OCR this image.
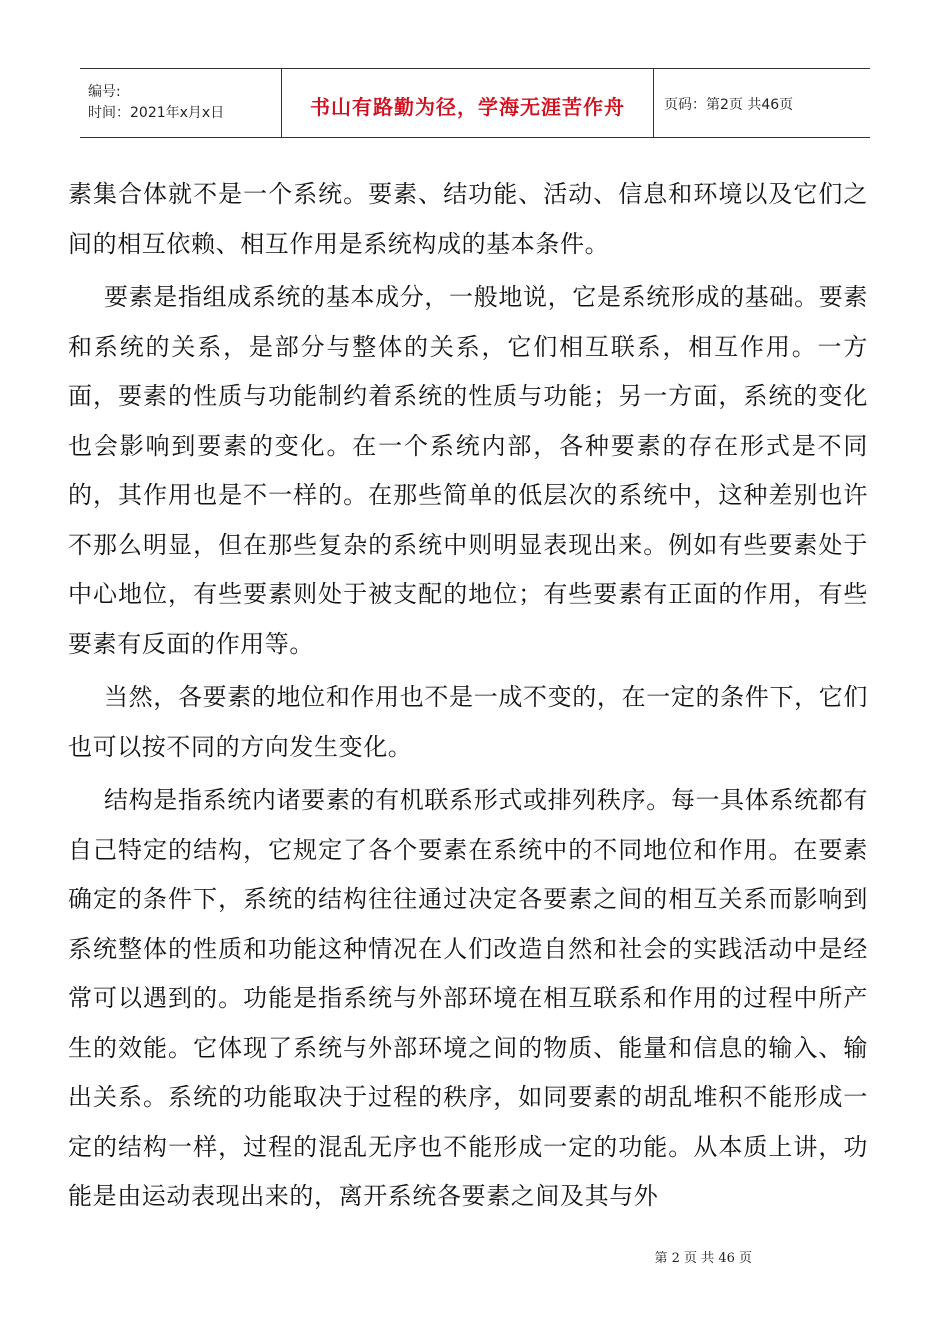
编号:
时间：2021年x月x日	书山有路勤为径，学海无涯苦作舟	页码：第2页 共46页

素集合体就不是一个系统。要素、结功能、活动、信息和环境以及它们之间的相互依赖、相互作用是系统构成的基本条件。

要素是指组成系统的基本成分，一般地说，它是系统形成的基础。要素和系统的关系，是部分与整体的关系，它们相互联系，相互作用。一方面，要素的性质与功能制约着系统的性质与功能；另一方面，系统的变化也会影响到要素的变化。在一个系统内部，各种要素的存在形式是不同的，其作用也是不一样的。在那些简单的低层次的系统中，这种差别也许不那么明显，但在那些复杂的系统中则明显表现出来。例如有些要素处于中心地位，有些要素则处于被支配的地位；有些要素有正面的作用，有些要素有反面的作用等。

当然，各要素的地位和作用也不是一成不变的，在一定的条件下，它们也可以按不同的方向发生变化。

结构是指系统内诸要素的有机联系形式或排列秩序。每一具体系统都有自己特定的结构，它规定了各个要素在系统中的不同地位和作用。在要素确定的条件下，系统的结构往往通过决定各要素之间的相互关系而影响到系统整体的性质和功能这种情况在人们改造自然和社会的实践活动中是经常可以遇到的。功能是指系统与外部环境在相互联系和作用的过程中所产生的效能。它体现了系统与外部环境之间的物质、能量和信息的输入、输出关系。系统的功能取决于过程的秩序，如同要素的胡乱堆积不能形成一定的结构一样，过程的混乱无序也不能形成一定的功能。从本质上讲，功能是由运动表现出来的，离开系统各要素之间及其与外

第 2 页 共 46 页
